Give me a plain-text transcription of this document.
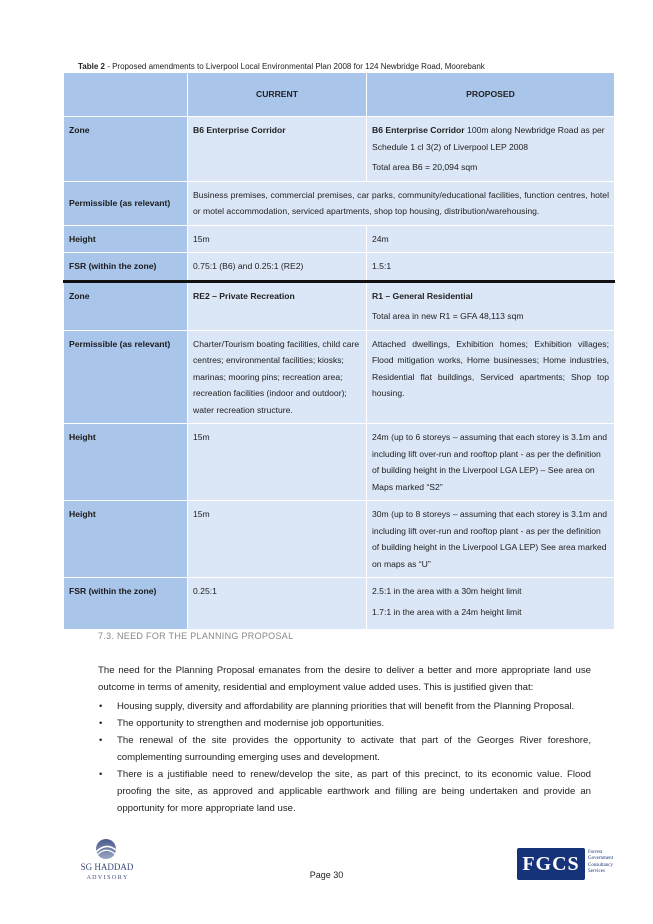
Table 2 - Proposed amendments to Liverpool Local Environmental Plan 2008 for 124 Newbridge Road, Moorebank
	CURRENT	PROPOSED
Zone	B6 Enterprise Corridor	B6 Enterprise Corridor 100m along Newbridge Road as per Schedule 1 cl 3(2) of Liverpool LEP 2008
Total area B6 = 20,094 sqm

Permissible (as relevant)	Business premises, commercial premises, car parks, community/educational facilities, function centres, hotel or motel accommodation, serviced apartments, shop top housing, distribution/warehousing.	
Height	15m	24m
FSR (within the zone)	0.75:1 (B6) and 0.25:1 (RE2)	1.5:1
Zone	RE2 – Private Recreation	R1 – General Residential
Total area in new R1 = GFA 48,113 sqm

Permissible (as relevant)	Charter/Tourism boating facilities, child care centres; environmental facilities; kiosks; marinas; mooring pins; recreation area; recreation facilities (indoor and outdoor); water recreation structure.	Attached dwellings, Exhibition homes; Exhibition villages; Flood mitigation works, Home businesses; Home industries, Residential flat buildings, Serviced apartments; Shop top housing.
Height	15m	24m (up to 6 storeys – assuming that each storey is 3.1m and including lift over-run and rooftop plant - as per the definition of building height in the Liverpool LGA LEP) – See area on Maps marked “S2”
Height	15m	30m (up to 8 storeys – assuming that each storey is 3.1m and including lift over-run and rooftop plant - as per the definition of building height in the Liverpool LGA LEP) See area marked on maps as “U”
FSR (within the zone)	0.25:1	2.5:1 in the area with a 30m height limit
1.7:1 in the area with a 24m height limit
7.3. NEED FOR THE PLANNING PROPOSAL

The need for the Planning Proposal emanates from the desire to deliver a better and more appropriate land use outcome in terms of amenity, residential and employment value added uses. This is justified given that:

• Housing supply, diversity and affordability are planning priorities that will benefit from the Planning Proposal.
• The opportunity to strengthen and modernise job opportunities.
• The renewal of the site provides the opportunity to activate that part of the Georges River foreshore, complementing surrounding emerging uses and development.
• There is a justifiable need to renew/develop the site, as part of this precinct, to its economic value. Flood proofing the site, as approved and applicable earthwork and filling are being undertaken and provide an opportunity for more appropriate land use.
SG HADDAD
A D V I S O R Y	Page 30	FGCS
Forrest
Government
Consultancy
Services
